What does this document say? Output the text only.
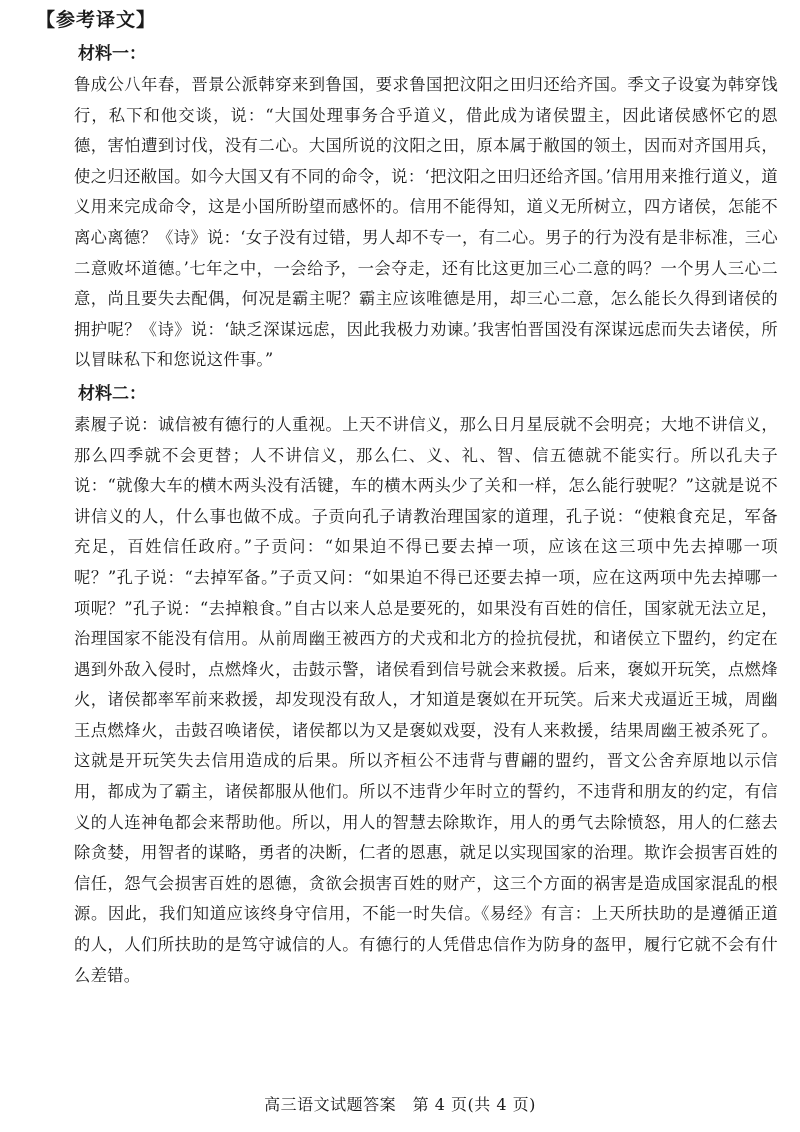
【参考译文】
材料一：

鲁成公八年春，晋景公派韩穿来到鲁国，要求鲁国把汶阳之田归还给齐国。季文子设宴为韩穿饯行，私下和他交谈，说：“大国处理事务合乎道义，借此成为诸侯盟主，因此诸侯感怀它的恩德，害怕遭到讨伐，没有二心。大国所说的汶阳之田，原本属于敝国的领土，因而对齐国用兵，使之归还敝国。如今大国又有不同的命令，说：‘把汶阳之田归还给齐国。’信用用来推行道义，道义用来完成命令，这是小国所盼望而感怀的。信用不能得知，道义无所树立，四方诸侯，怎能不离心离德？《诗》说：‘女子没有过错，男人却不专一，有二心。男子的行为没有是非标准，三心二意败坏道德。’七年之中，一会给予，一会夺走，还有比这更加三心二意的吗？一个男人三心二意，尚且要失去配偶，何况是霸主呢？霸主应该唯德是用，却三心二意，怎么能长久得到诸侯的拥护呢？《诗》说：‘缺乏深谋远虑，因此我极力劝谏。’我害怕晋国没有深谋远虑而失去诸侯，所以冒昧私下和您说这件事。”

材料二：

素履子说：诚信被有德行的人重视。上天不讲信义，那么日月星辰就不会明亮；大地不讲信义，那么四季就不会更替；人不讲信义，那么仁、义、礼、智、信五德就不能实行。所以孔夫子说：“就像大车的横木两头没有活键，车的横木两头少了关和一样，怎么能行驶呢？”这就是说不讲信义的人，什么事也做不成。子贡向孔子请教治理国家的道理，孔子说：“使粮食充足，军备充足，百姓信任政府。”子贡问：“如果迫不得已要去掉一项，应该在这三项中先去掉哪一项呢？”孔子说：“去掉军备。”子贡又问：“如果迫不得已还要去掉一项，应在这两项中先去掉哪一项呢？”孔子说：“去掉粮食。”自古以来人总是要死的，如果没有百姓的信任，国家就无法立足，治理国家不能没有信用。从前周幽王被西方的犬戎和北方的捡抗侵扰，和诸侯立下盟约，约定在遇到外敌入侵时，点燃烽火，击鼓示警，诸侯看到信号就会来救援。后来，褒姒开玩笑，点燃烽火，诸侯都率军前来救援，却发现没有敌人，才知道是褒姒在开玩笑。后来犬戎逼近王城，周幽王点燃烽火，击鼓召唤诸侯，诸侯都以为又是褒姒戏耍，没有人来救援，结果周幽王被杀死了。这就是开玩笑失去信用造成的后果。所以齐桓公不违背与曹翩的盟约，晋文公舍弃原地以示信用，都成为了霸主，诸侯都服从他们。所以不违背少年时立的誓约，不违背和朋友的约定，有信义的人连神龟都会来帮助他。所以，用人的智慧去除欺诈，用人的勇气去除愤怒，用人的仁慈去除贪婪，用智者的谋略，勇者的决断，仁者的恩惠，就足以实现国家的治理。欺诈会损害百姓的信任，怨气会损害百姓的恩德，贪欲会损害百姓的财产，这三个方面的祸害是造成国家混乱的根源。因此，我们知道应该终身守信用，不能一时失信。《易经》有言：上天所扶助的是遵循正道的人，人们所扶助的是笃守诚信的人。有德行的人凭借忠信作为防身的盔甲，履行它就不会有什么差错。

高三语文试题答案　第 4 页(共 4 页)
